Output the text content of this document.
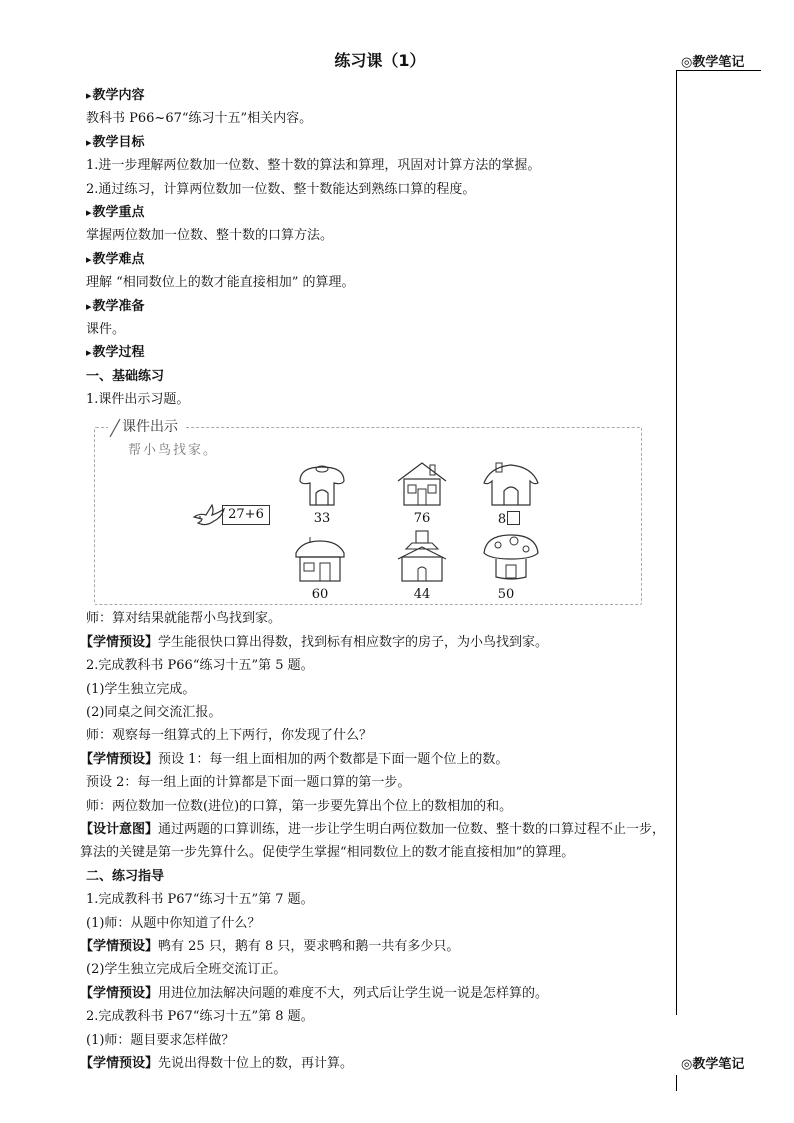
练习课（1）	◎教学笔记
◎教学笔记
▸ 教学内容
教科书 P66~67“练习十五”相关内容。
▸ 教学目标
1.进一步理解两位数加一位数、整十数的算法和算理，巩固对计算方法的掌握。
2.通过练习，计算两位数加一位数、整十数能达到熟练口算的程度。
▸ 教学重点
掌握两位数加一位数、整十数的口算方法。
▸ 教学难点
理解 “相同数位上的数才能直接相加” 的算理。
▸ 教学准备
课件。
▸ 教学过程
一、基础练习
1.课件出示习题。
课件出示
帮小鸟找家。
27+6	33	76	8
60	44	50
师：算对结果就能帮小鸟找到家。
【学情预设】学生能很快口算出得数，找到标有相应数字的房子，为小鸟找到家。
2.完成教科书 P66“练习十五”第 5 题。
(1)学生独立完成。
(2)同桌之间交流汇报。
师：观察每一组算式的上下两行，你发现了什么？
【学情预设】预设 1：每一组上面相加的两个数都是下面一题个位上的数。
预设 2：每一组上面的计算都是下面一题口算的第一步。
师：两位数加一位数(进位)的口算，第一步要先算出个位上的数相加的和。
【设计意图】通过两题的口算训练，进一步让学生明白两位数加一位数、整十数的口算过程不止一步，算法的关键是第一步先算什么。促使学生掌握“相同数位上的数才能直接相加”的算理。
二、练习指导
1.完成教科书 P67“练习十五”第 7 题。
(1)师：从题中你知道了什么？
【学情预设】鸭有 25 只，鹅有 8 只，要求鸭和鹅一共有多少只。
(2)学生独立完成后全班交流订正。
【学情预设】用进位加法解决问题的难度不大，列式后让学生说一说是怎样算的。
2.完成教科书 P67“练习十五”第 8 题。
(1)师：题目要求怎样做？
【学情预设】先说出得数十位上的数，再计算。
